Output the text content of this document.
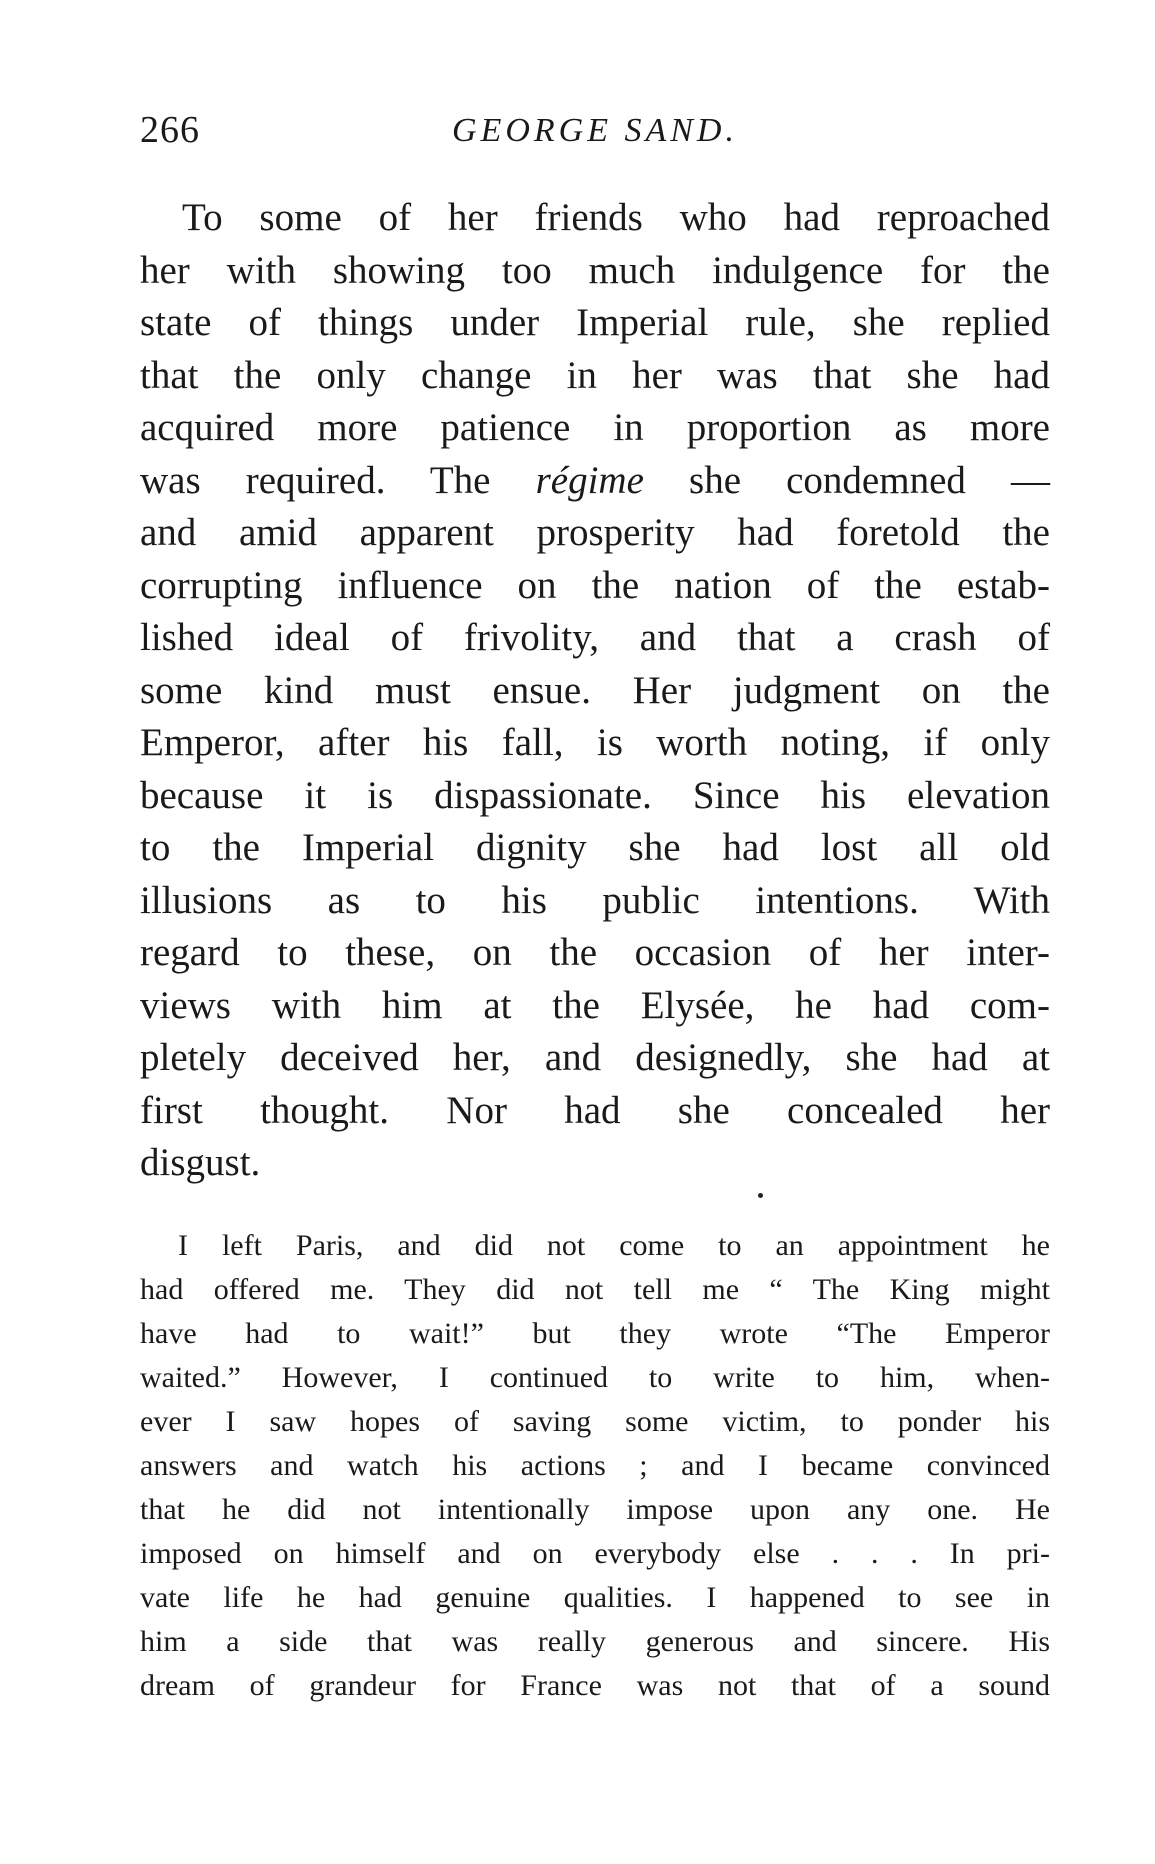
266	GEORGE SAND.
To some of her friends who had reproached
her with showing too much indulgence for the
state of things under Imperial rule, she replied
that the only change in her was that she had
acquired more patience in proportion as more
was required. The régime she condemned —
and amid apparent prosperity had foretold the
corrupting influence on the nation of the estab-
lished ideal of frivolity, and that a crash of
some kind must ensue. Her judgment on the
Emperor, after his fall, is worth noting, if only
because it is dispassionate. Since his elevation
to the Imperial dignity she had lost all old
illusions as to his public intentions. With
regard to these, on the occasion of her inter-
views with him at the Elysée, he had com-
pletely deceived her, and designedly, she had at
first thought. Nor had she concealed her
disgust.
I left Paris, and did not come to an appointment he
had offered me. They did not tell me “ The King might
have had to wait!” but they wrote “The Emperor
waited.” However, I continued to write to him, when-
ever I saw hopes of saving some victim, to ponder his
answers and watch his actions ; and I became convinced
that he did not intentionally impose upon any one. He
imposed on himself and on everybody else . . . In pri-
vate life he had genuine qualities. I happened to see in
him a side that was really generous and sincere. His
dream of grandeur for France was not that of a sound
